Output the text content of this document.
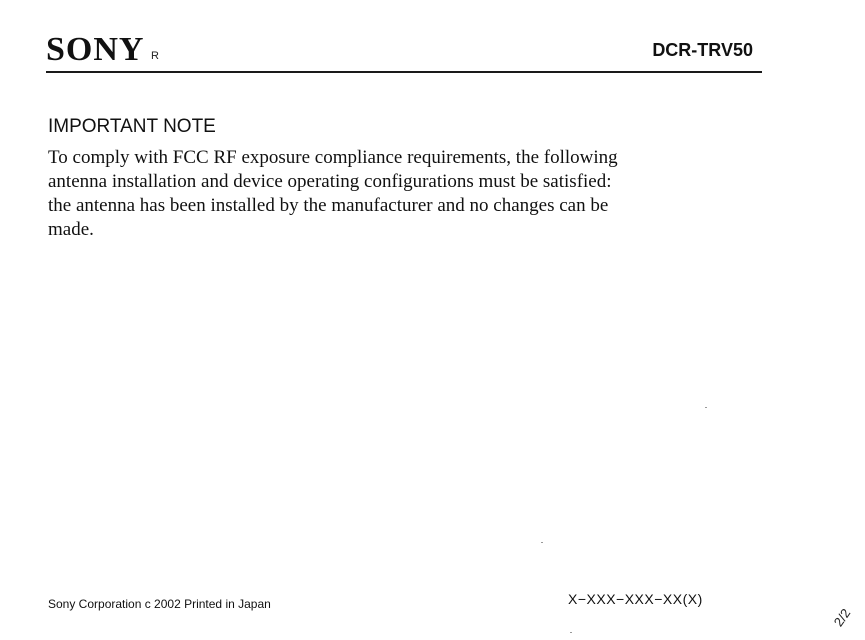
SONY R	DCR-TRV50
IMPORTANT NOTE

To comply with FCC RF exposure compliance requirements, the following
antenna installation and device operating configurations must be satisfied:
the antenna has been installed by the manufacturer and no changes can be
made.

Sony Corporation c 2002 Printed in Japan	X−XXX−XXX−XX(X)
2/2
